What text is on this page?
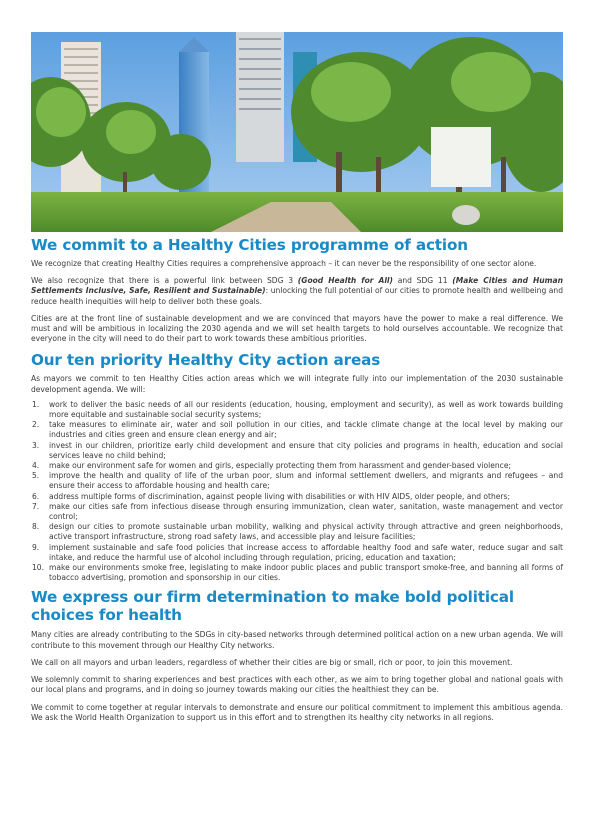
We commit to a Healthy Cities programme of action

We recognize that creating Healthy Cities requires a comprehensive approach – it can never be the responsibility of one sector alone.

We also recognize that there is a powerful link between SDG 3 (Good Health for All) and SDG 11 (Make Cities and Human Settlements Inclusive, Safe, Resilient and Sustainable): unlocking the full potential of our cities to promote health and wellbeing and reduce health inequities will help to deliver both these goals.

Cities are at the front line of sustainable development and we are convinced that mayors have the power to make a real difference. We must and will be ambitious in localizing the 2030 agenda and we will set health targets to hold ourselves accountable. We recognize that everyone in the city will need to do their part to work towards these ambitious priorities.

Our ten priority Healthy City action areas

As mayors we commit to ten Healthy Cities action areas which we will integrate fully into our implementation of the 2030 sustainable development agenda. We will:

1. work to deliver the basic needs of all our residents (education, housing, employment and security), as well as work towards building more equitable and sustainable social security systems;
2. take measures to eliminate air, water and soil pollution in our cities, and tackle climate change at the local level by making our industries and cities green and ensure clean energy and air;
3. invest in our children, prioritize early child development and ensure that city policies and programs in health, education and social services leave no child behind;
4. make our environment safe for women and girls, especially protecting them from harassment and gender-based violence;
5. improve the health and quality of life of the urban poor, slum and informal settlement dwellers, and migrants and refugees – and ensure their access to affordable housing and health care;
6. address multiple forms of discrimination, against people living with disabilities or with HIV AIDS, older people, and others;
7. make our cities safe from infectious disease through ensuring immunization, clean water, sanitation, waste management and vector control;
8. design our cities to promote sustainable urban mobility, walking and physical activity through attractive and green neighborhoods, active transport infrastructure, strong road safety laws, and accessible play and leisure facilities;
9. implement sustainable and safe food policies that increase access to affordable healthy food and safe water, reduce sugar and salt intake, and reduce the harmful use of alcohol including through regulation, pricing, education and taxation;
10. make our environments smoke free, legislating to make indoor public places and public transport smoke-free, and banning all forms of tobacco advertising, promotion and sponsorship in our cities.
We express our firm determination to make bold political choices for health

Many cities are already contributing to the SDGs in city-based networks through determined political action on a new urban agenda. We will contribute to this movement through our Healthy City networks.

We call on all mayors and urban leaders, regardless of whether their cities are big or small, rich or poor, to join this movement.

We solemnly commit to sharing experiences and best practices with each other, as we aim to bring together global and national goals with our local plans and programs, and in doing so journey towards making our cities the healthiest they can be.

We commit to come together at regular intervals to demonstrate and ensure our political commitment to implement this ambitious agenda. We ask the World Health Organization to support us in this effort and to strengthen its healthy city networks in all regions.
